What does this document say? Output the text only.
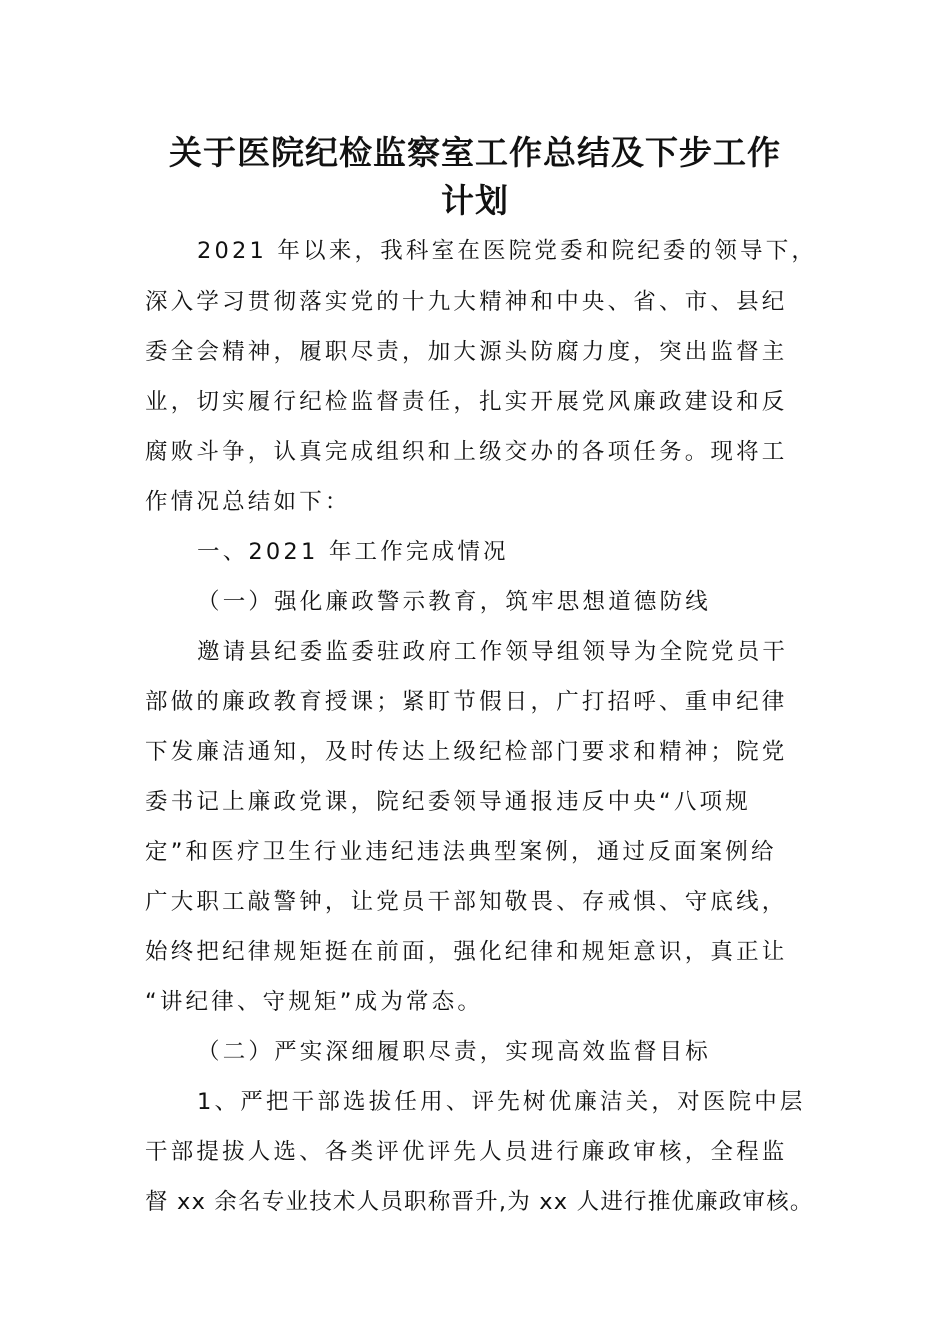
关于医院纪检监察室工作总结及下步工作
计划

2021 年以来，我科室在医院党委和院纪委的领导下，

深入学习贯彻落实党的十九大精神和中央、省、市、县纪

委全会精神，履职尽责，加大源头防腐力度，突出监督主

业，切实履行纪检监督责任，扎实开展党风廉政建设和反

腐败斗争，认真完成组织和上级交办的各项任务。现将工

作情况总结如下：

一、2021 年工作完成情况

（一）强化廉政警示教育，筑牢思想道德防线

邀请县纪委监委驻政府工作领导组领导为全院党员干

部做的廉政教育授课；紧盯节假日，广打招呼、重申纪律

下发廉洁通知，及时传达上级纪检部门要求和精神；院党

委书记上廉政党课，院纪委领导通报违反中央“八项规

定”和医疗卫生行业违纪违法典型案例，通过反面案例给

广大职工敲警钟，让党员干部知敬畏、存戒惧、守底线，

始终把纪律规矩挺在前面，强化纪律和规矩意识，真正让

“讲纪律、守规矩”成为常态。

（二）严实深细履职尽责，实现高效监督目标

1、严把干部选拔任用、评先树优廉洁关，对医院中层

干部提拔人选、各类评优评先人员进行廉政审核，全程监

督 xx 余名专业技术人员职称晋升,为 xx 人进行推优廉政审核。
